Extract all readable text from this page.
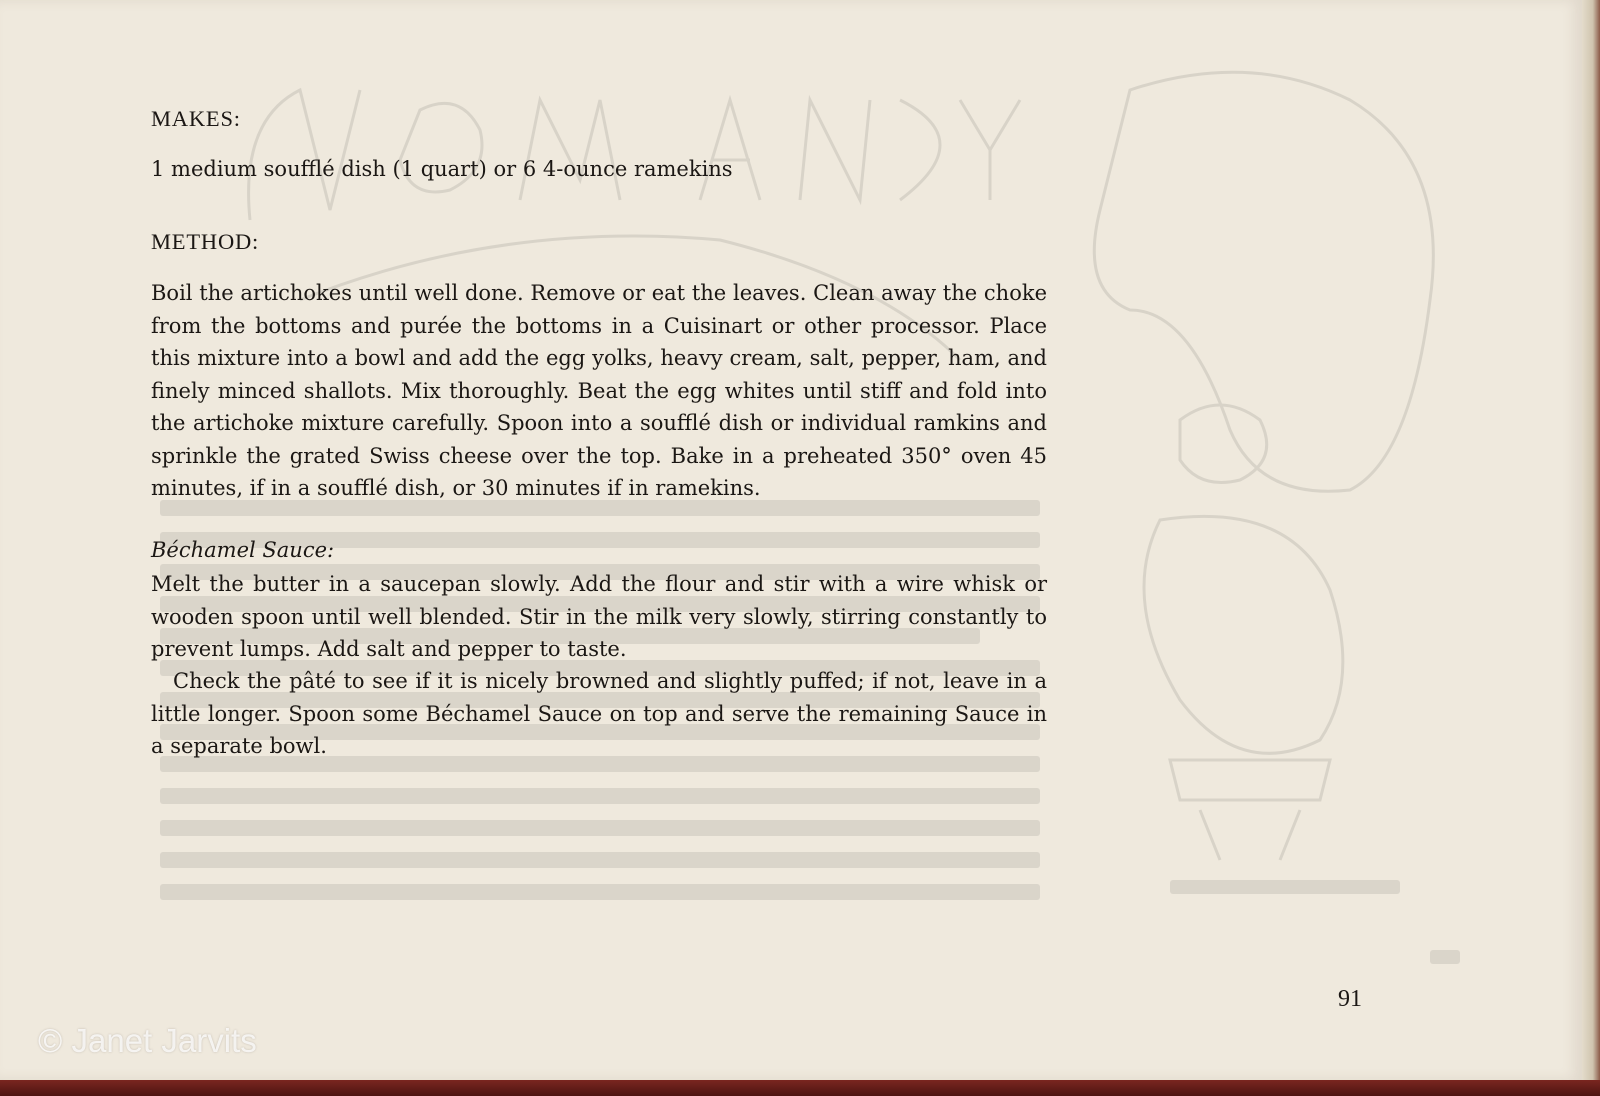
MAKES:
1 medium soufflé dish (1 quart) or 6 4-ounce ramekins
METHOD:
Boil the artichokes until well done. Remove or eat the leaves. Clean away the choke from the bottoms and purée the bottoms in a Cuisinart or other processor. Place this mixture into a bowl and add the egg yolks, heavy cream, salt, pepper, ham, and finely minced shallots. Mix thoroughly. Beat the egg whites until stiff and fold into the artichoke mixture carefully. Spoon into a soufflé dish or individual ramkins and sprinkle the grated Swiss cheese over the top. Bake in a preheated 350° oven 45 minutes, if in a soufflé dish, or 30 minutes if in ramekins.
Béchamel Sauce:
Melt the butter in a saucepan slowly. Add the flour and stir with a wire whisk or wooden spoon until well blended. Stir in the milk very slowly, stirring constantly to prevent lumps. Add salt and pepper to taste.
Check the pâté to see if it is nicely browned and slightly puffed; if not, leave in a little longer. Spoon some Béchamel Sauce on top and serve the remaining Sauce in a separate bowl.
91
© Janet Jarvits
